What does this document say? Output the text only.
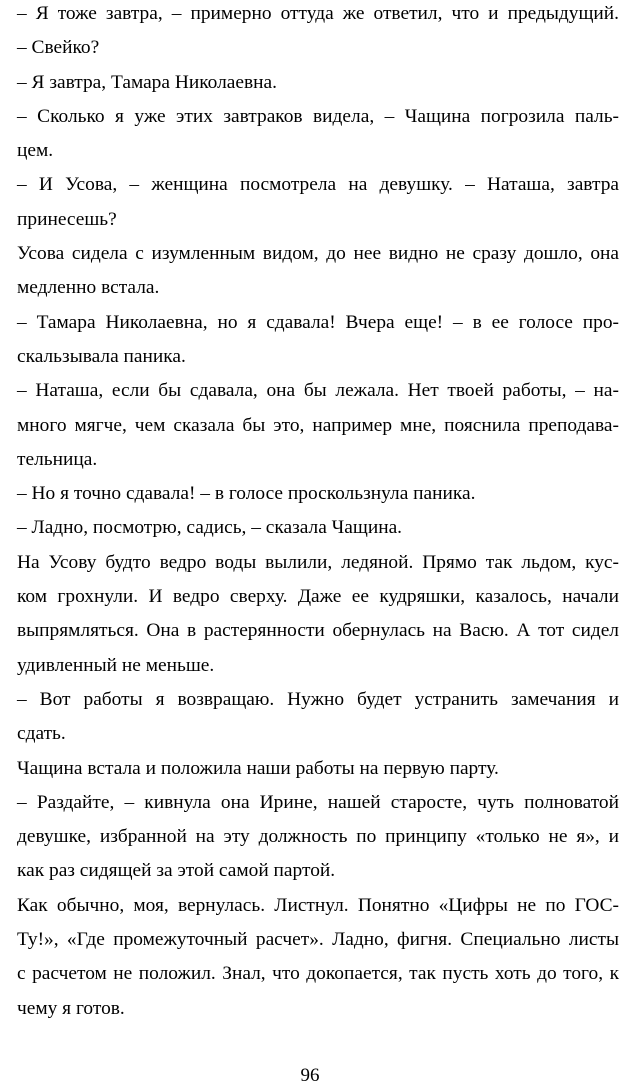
– Я тоже завтра, – примерно оттуда же ответил, что и предыдущий.

– Свейко?

– Я завтра, Тамара Николаевна.

– Сколько я уже этих завтраков видела, – Чащина погрозила паль-

цем.

– И Усова, – женщина посмотрела на девушку. – Наташа, завтра

принесешь?

Усова сидела с изумленным видом, до нее видно не сразу дошло, она

медленно встала.

– Тамара Николаевна, но я сдавала! Вчера еще! – в ее голосе про-

скальзывала паника.

– Наташа, если бы сдавала, она бы лежала. Нет твоей работы, – на-

много мягче, чем сказала бы это, например мне, пояснила преподава-

тельница.

– Но я точно сдавала! – в голосе проскользнула паника.

– Ладно, посмотрю, садись, – сказала Чащина.

На Усову будто ведро воды вылили, ледяной. Прямо так льдом, кус-

ком грохнули. И ведро сверху. Даже ее кудряшки, казалось, начали

выпрямляться. Она в растерянности обернулась на Васю. А тот сидел

удивленный не меньше.

– Вот работы я возвращаю. Нужно будет устранить замечания и

сдать.

Чащина встала и положила наши работы на первую парту.

– Раздайте, – кивнула она Ирине, нашей старосте, чуть полноватой

девушке, избранной на эту должность по принципу «только не я», и

как раз сидящей за этой самой партой.

Как обычно, моя, вернулась. Листнул. Понятно «Цифры не по ГОС-

Ту!», «Где промежуточный расчет». Ладно, фигня. Специально листы

с расчетом не положил. Знал, что докопается, так пусть хоть до того, к

чему я готов.

96
